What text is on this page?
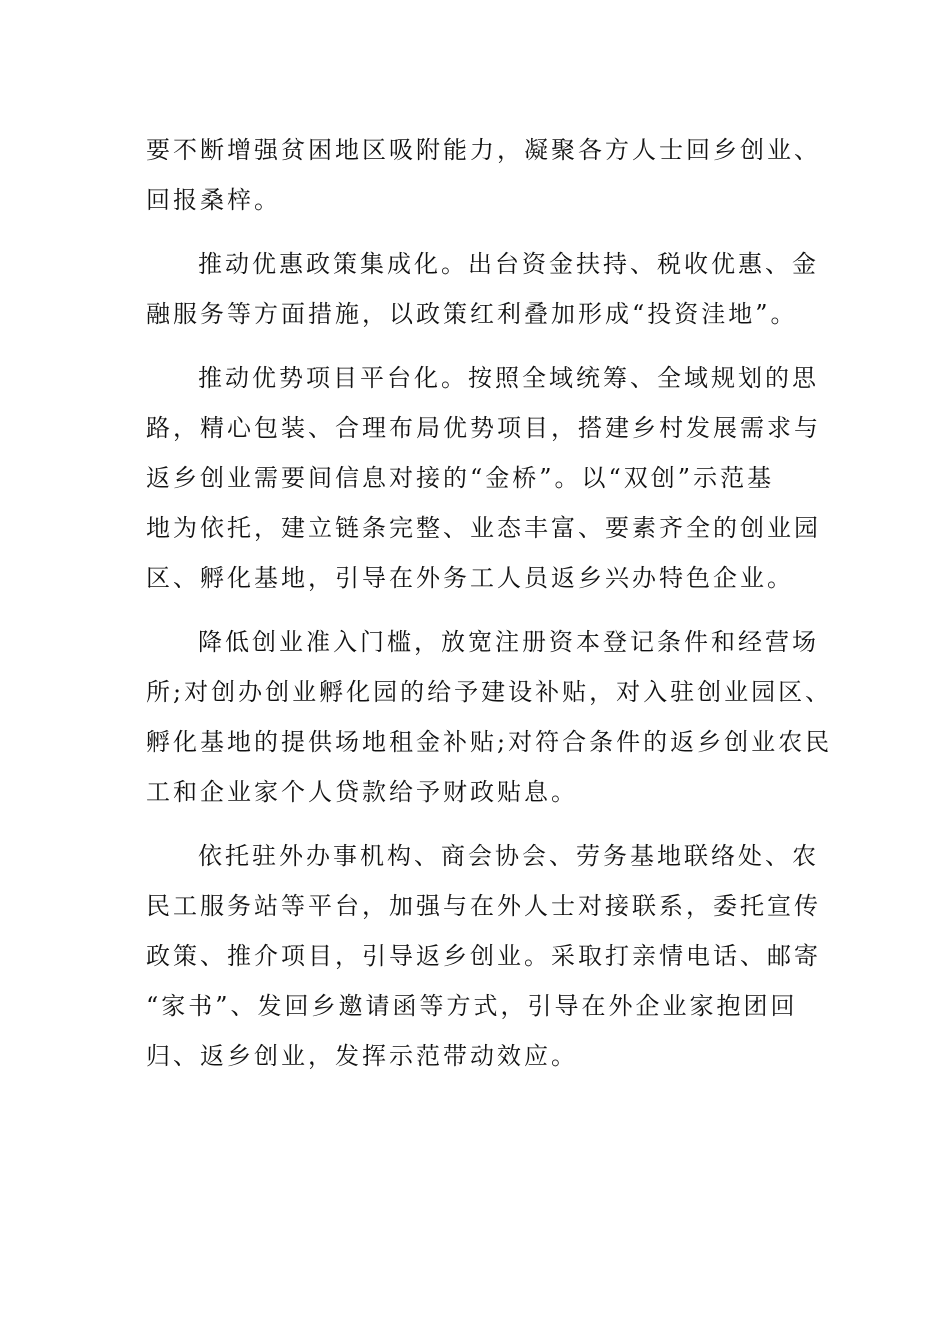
要不断增强贫困地区吸附能力，凝聚各方人士回乡创业、
回报桑梓。

推动优惠政策集成化。出台资金扶持、税收优惠、金
融服务等方面措施，以政策红利叠加形成“投资洼地”。

推动优势项目平台化。按照全域统筹、全域规划的思
路，精心包装、合理布局优势项目，搭建乡村发展需求与
返乡创业需要间信息对接的“金桥”。以“双创”示范基
地为依托，建立链条完整、业态丰富、要素齐全的创业园
区、孵化基地，引导在外务工人员返乡兴办特色企业。

降低创业准入门槛，放宽注册资本登记条件和经营场
所;对创办创业孵化园的给予建设补贴，对入驻创业园区、
孵化基地的提供场地租金补贴;对符合条件的返乡创业农民
工和企业家个人贷款给予财政贴息。

依托驻外办事机构、商会协会、劳务基地联络处、农
民工服务站等平台，加强与在外人士对接联系，委托宣传
政策、推介项目，引导返乡创业。采取打亲情电话、邮寄
“家书”、发回乡邀请函等方式，引导在外企业家抱团回
归、返乡创业，发挥示范带动效应。
